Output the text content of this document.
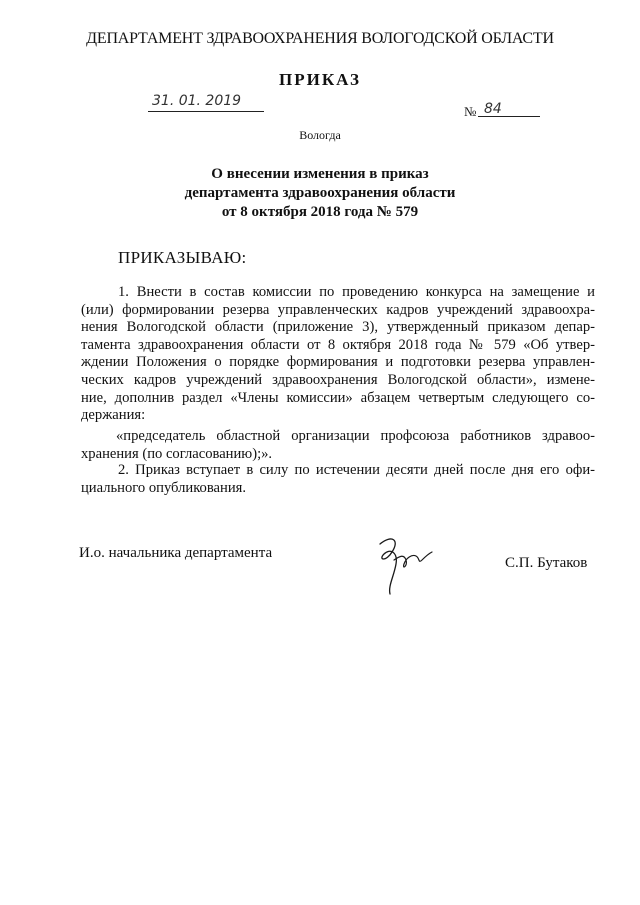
ДЕПАРТАМЕНТ ЗДРАВООХРАНЕНИЯ ВОЛОГОДСКОЙ ОБЛАСТИ
ПРИКАЗ
31. 01. 2019
№ 84
Вологда
О внесении изменения в приказ
департамента здравоохранения области
от 8 октября 2018 года № 579
ПРИКАЗЫВАЮ:
1. Внести в состав комиссии по проведению конкурса на замещение и
(или) формировании резерва управленческих кадров учреждений здравоохра-
нения Вологодской области (приложение 3), утвержденный приказом депар-
тамента здравоохранения области от 8 октября 2018 года № 579 «Об утвер-
ждении Положения о порядке формирования и подготовки резерва управлен-
ческих кадров учреждений здравоохранения Вологодской области», измене-
ние, дополнив раздел «Члены комиссии» абзацем четвертым следующего со-
держания:
«председатель областной организации профсоюза работников здравоо-
хранения (по согласованию);».
2. Приказ вступает в силу по истечении десяти дней после дня его офи-
циального опубликования.
И.о. начальника департамента
С.П. Бутаков
